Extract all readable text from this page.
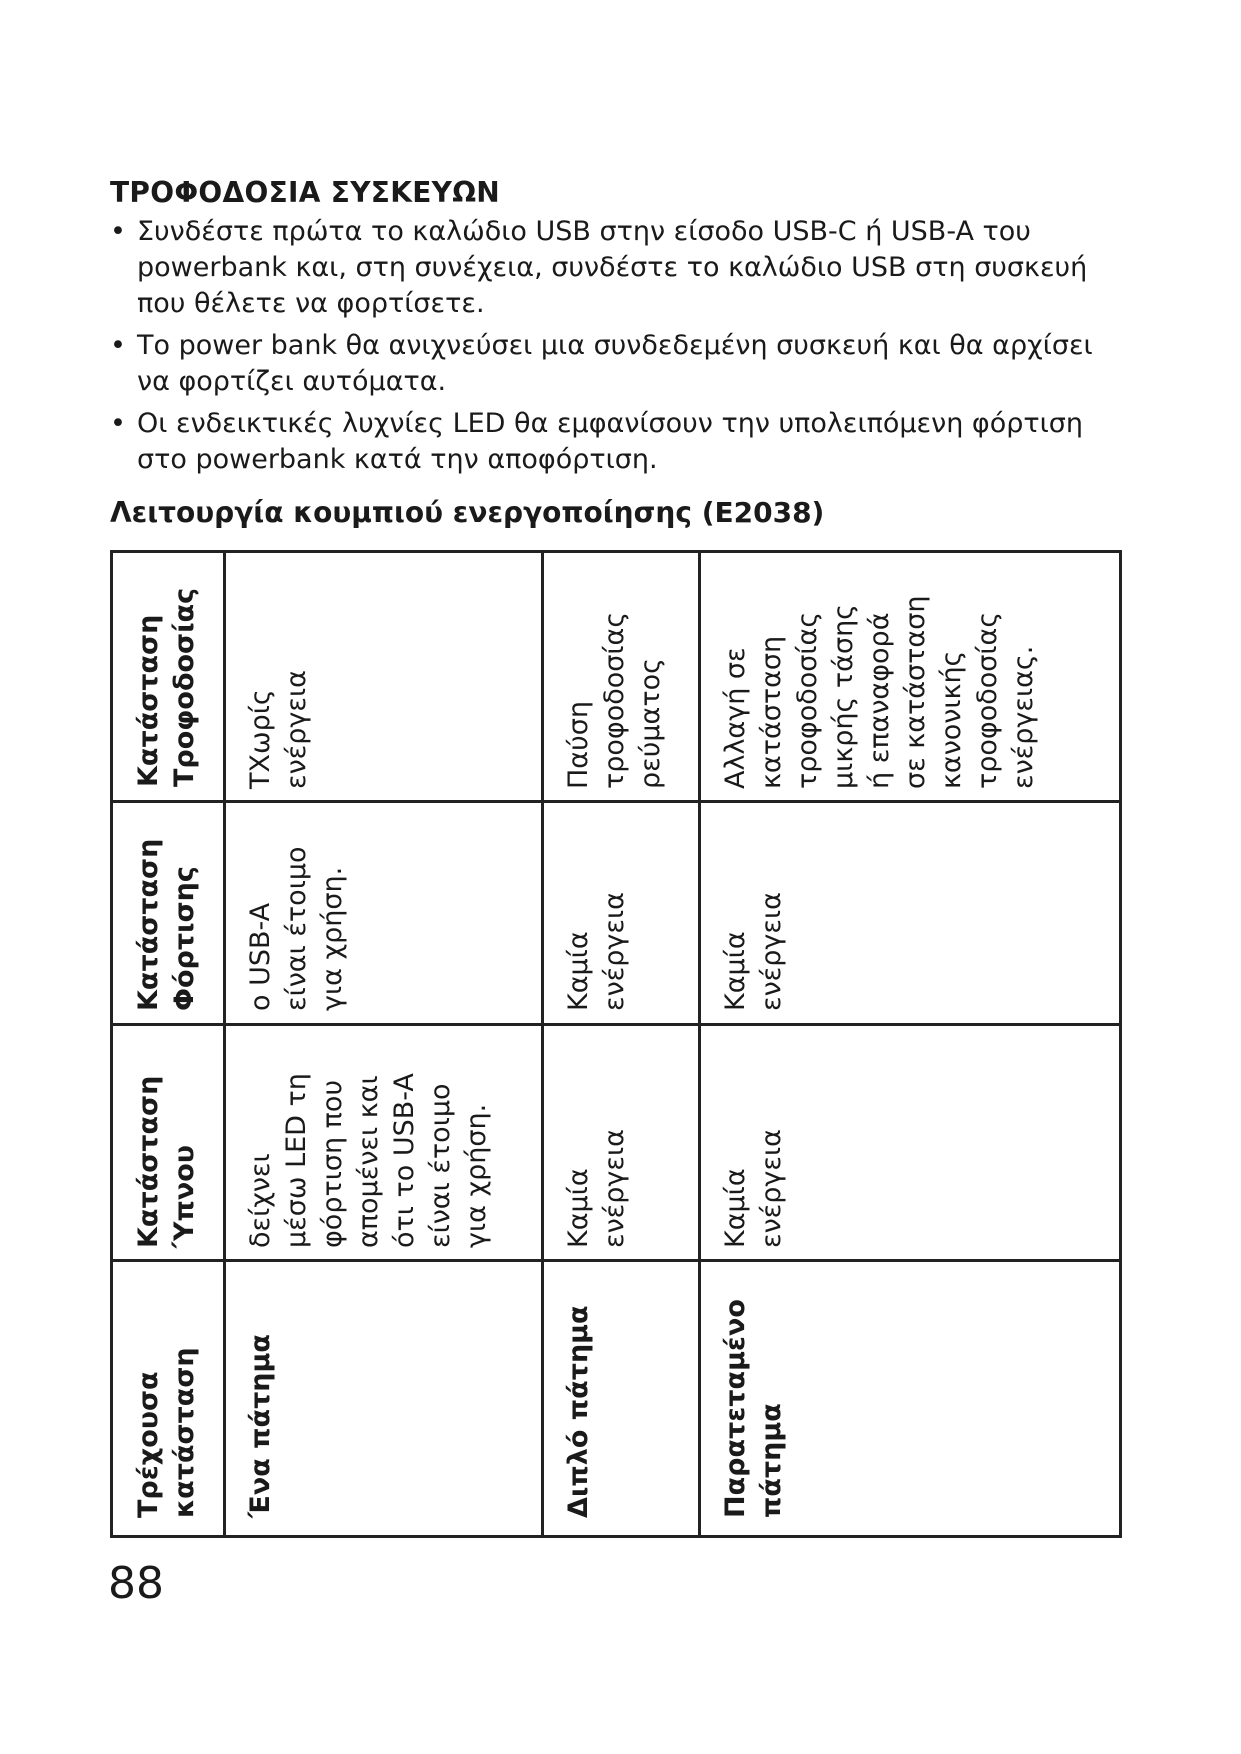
ΤΡΟΦΟΔΟΣΙΑ ΣΥΣΚΕΥΩΝ
• Συνδέστε πρώτα το καλώδιο USB στην είσοδο USB-C ή USB-A του powerbank και, στη συνέχεια, συνδέστε το καλώδιο USB στη συσκευή που θέλετε να φορτίσετε.
• Το power bank θα ανιχνεύσει μια συνδεδεμένη συσκευή και θα αρχίσει να φορτίζει αυτόματα.
• Οι ενδεικτικές λυχνίες LED θα εμφανίσουν την υπολειπόμενη φόρτιση στο powerbank κατά την αποφόρτιση.
Λειτουργία κουμπιού ενεργοποίησης (E2038)
Κατάσταση
Τροφοδοσίας
Κατάσταση
Φόρτισης
Κατάσταση
Ύπνου
Τρέχουσα
κατάσταση
ΤΧωρίς
ενέργεια
ο USB-A
είναι έτοιμο
για χρήση.
δείχνει
μέσω LED τη
φόρτιση που
απομένει και
ότι το USB-A
είναι έτοιμο
για χρήση.
Ένα πάτημα
Παύση
τροφοδοσίας
ρεύματος
Καμία
ενέργεια
Καμία
ενέργεια
Διπλό πάτημα
Αλλαγή σε
κατάσταση
τροφοδοσίας
μικρής τάσης
ή επαναφορά
σε κατάσταση
κανονικής
τροφοδοσίας
ενέργειας.
Καμία
ενέργεια
Καμία
ενέργεια
Παρατεταμένο
πάτημα
88
